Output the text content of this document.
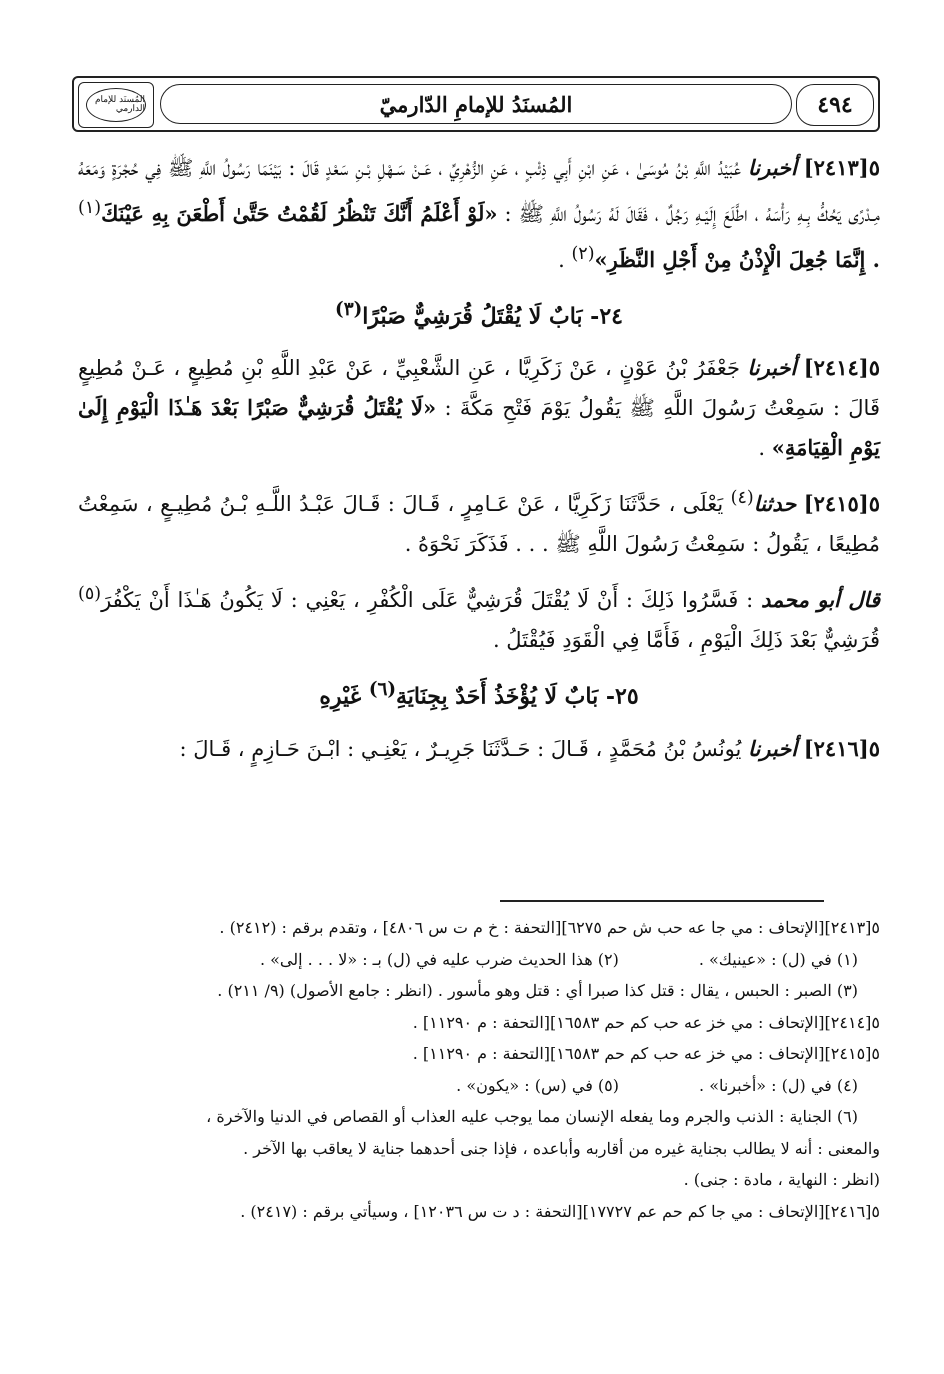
٤٩٤
المُسنَدُ للإمامِ الدّارميّ
المُسنَد للإمام الدارمي

٥[٢٤١٣] أخبرنا عُبَيْدُ اللَّهِ بْنُ مُوسَىٰ ، عَنِ ابْنِ أَبِي ذِئْبٍ ، عَنِ الزُّهْرِيِّ ، عَـنْ سَـهْلِ بْـنِ سَعْدٍ قَالَ : بَيْنَمَا رَسُولُ اللَّهِ ﷺ فِي حُجْرَةٍ وَمَعَهُ مِـدْرًى يَحُكُّ بِـهِ رَأْسَهُ ، اطَّلَعَ إِلَيْـهِ رَجُلٌ ، فَقَالَ لَهُ رَسُولُ اللَّهِ ﷺ : «لَوْ أَعْلَمُ أَنَّكَ تَنْظُرُ لَقُمْتُ حَتَّىٰ أَطْعَنَ بِهِ عَيْنَكَ$^{(١)}$ . إِنَّمَا جُعِلَ الْإِذْنُ مِنْ أَجْلِ النَّظَرِ»$^{(٢)}$ .

٢٤- بَابٌ لَا يُقْتَلُ قُرَشِيٌّ صَبْرًا$^{(٣)}$

٥[٢٤١٤] أخبرنا جَعْفَرُ بْنُ عَوْنٍ ، عَنْ زَكَرِيَّا ، عَنِ الشَّعْبِيِّ ، عَنْ عَبْدِ اللَّهِ بْنِ مُطِيعٍ ، عَـنْ مُطِيعٍ قَالَ : سَمِعْتُ رَسُولَ اللَّهِ ﷺ يَقُولُ يَوْمَ فَتْحِ مَكَّةَ : «لَا يُقْتَلُ قُرَشِيٌّ صَبْرًا بَعْدَ هَـٰذَا الْيَوْمِ إِلَىٰ يَوْمِ الْقِيَامَةِ» .

٥[٢٤١٥] حدثنا$^{(٤)}$ يَعْلَى ، حَدَّثَنَا زَكَرِيَّا ، عَنْ عَـامِرٍ ، قَـالَ : قَـالَ عَبْـدُ اللَّـهِ بْـنُ مُطِيـعٍ ، سَمِعْتُ مُطِيعًا ، يَقُولُ : سَمِعْتُ رَسُولَ اللَّهِ ﷺ . . . فَذَكَرَ نَحْوَهُ .

قال أبو محمد : فَسَّرُوا ذَلِكَ : أَنْ لَا يُقْتَلَ قُرَشِيٌّ عَلَى الْكُفْرِ ، يَعْنِي : لَا يَكُونُ هَـٰذَا أَنْ يَكْفُرَ$^{(٥)}$ قُرَشِيٌّ بَعْدَ ذَلِكَ الْيَوْمِ ، فَأَمَّا فِي الْقَوَدِ فَيُقْتَلُ .

٢٥- بَابٌ لَا يُؤْخَذُ أَحَدٌ بِجِنَايَةِ$^{(٦)}$ غَيْرِهِ

٥[٢٤١٦] أخبرنا يُونُسُ بْنُ مُحَمَّدٍ ، قَـالَ : حَـدَّثَنَا جَرِيـرٌ ، يَعْنِـي : ابْـنَ حَـازِمٍ ، قَـالَ :

٥[٢٤١٣][الإتحاف : مي جا عه حب ش حم ٦٢٧٥][التحفة : خ م ت س ٤٨٠٦] ، وتقدم برقم : (٢٤١٢) .
(١) في (ل) : «عينيك» .
(٢) هذا الحديث ضرب عليه في (ل) بـ : «لا . . . إلى» .
(٣) الصبر : الحبس ، يقال : قتل كذا صبرا أي : قتل وهو مأسور . (انظر : جامع الأصول) (٩/ ٢١١) .
٥[٢٤١٤][الإتحاف : مي خز عه حب كم حم ١٦٥٨٣][التحفة : م ١١٢٩٠] .
٥[٢٤١٥][الإتحاف : مي خز عه حب كم حم ١٦٥٨٣][التحفة : م ١١٢٩٠] .
(٤) في (ل) : «أخبرنا» .
(٥) في (س) : «يكون» .
(٦) الجناية : الذنب والجرم وما يفعله الإنسان مما يوجب عليه العذاب أو القصاص في الدنيا والآخرة ،
والمعنى : أنه لا يطالب بجناية غيره من أقاربه وأباعده ، فإذا جنى أحدهما جناية لا يعاقب بها الآخر .
(انظر : النهاية ، مادة : جنى) .
٥[٢٤١٦][الإتحاف : مي جا كم حم عم ١٧٧٢٧][التحفة : د ت س ١٢٠٣٦] ، وسيأتي برقم : (٢٤١٧) .
